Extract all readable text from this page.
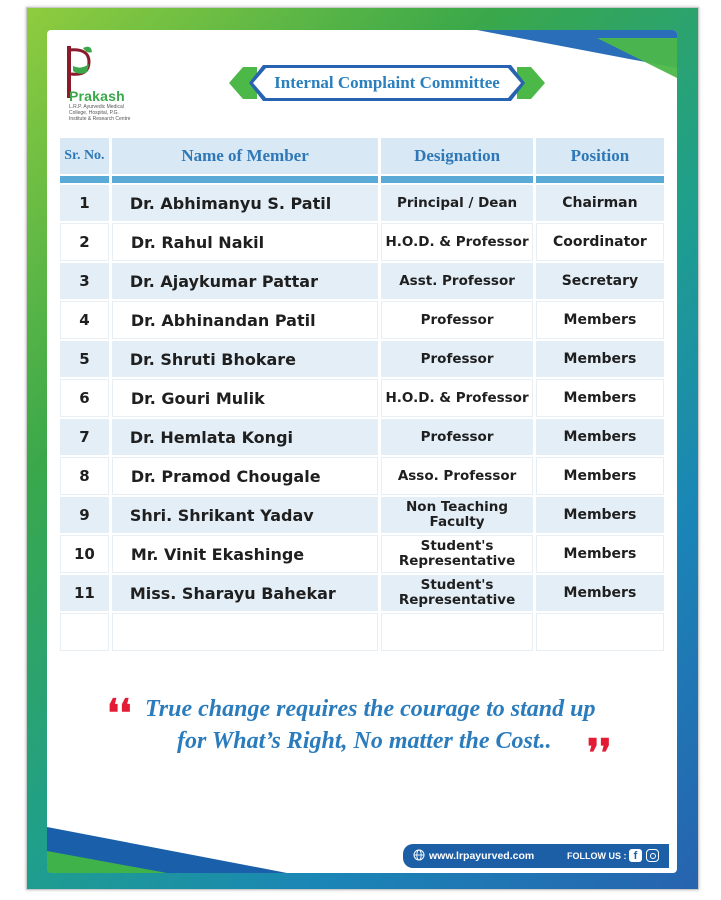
Prakash
L.R.P. Ayurvedic Medical College, Hospital, P.G. Institute & Research Centre
Internal Complaint Committee
Sr. No.	Name of Member	Designation	Position

1	Dr. Abhimanyu S. Patil	Principal / Dean	Chairman
2	Dr. Rahul Nakil	H.O.D. & Professor	Coordinator
3	Dr. Ajaykumar Pattar	Asst. Professor	Secretary
4	Dr. Abhinandan Patil	Professor	Members
5	Dr. Shruti Bhokare	Professor	Members
6	Dr. Gouri Mulik	H.O.D. & Professor	Members
7	Dr. Hemlata Kongi	Professor	Members
8	Dr. Pramod Chougale	Asso. Professor	Members
9	Shri. Shrikant Yadav	Non Teaching Faculty	Members
10	Mr. Vinit Ekashinge	Student's Representative	Members
11	Miss. Sharayu Bahekar	Student's Representative	Members

❛❛ True change requires the courage to stand up
for What’s Right, No matter the Cost.. ❜❜
www.lrpayurved.com	FOLLOW US : f
